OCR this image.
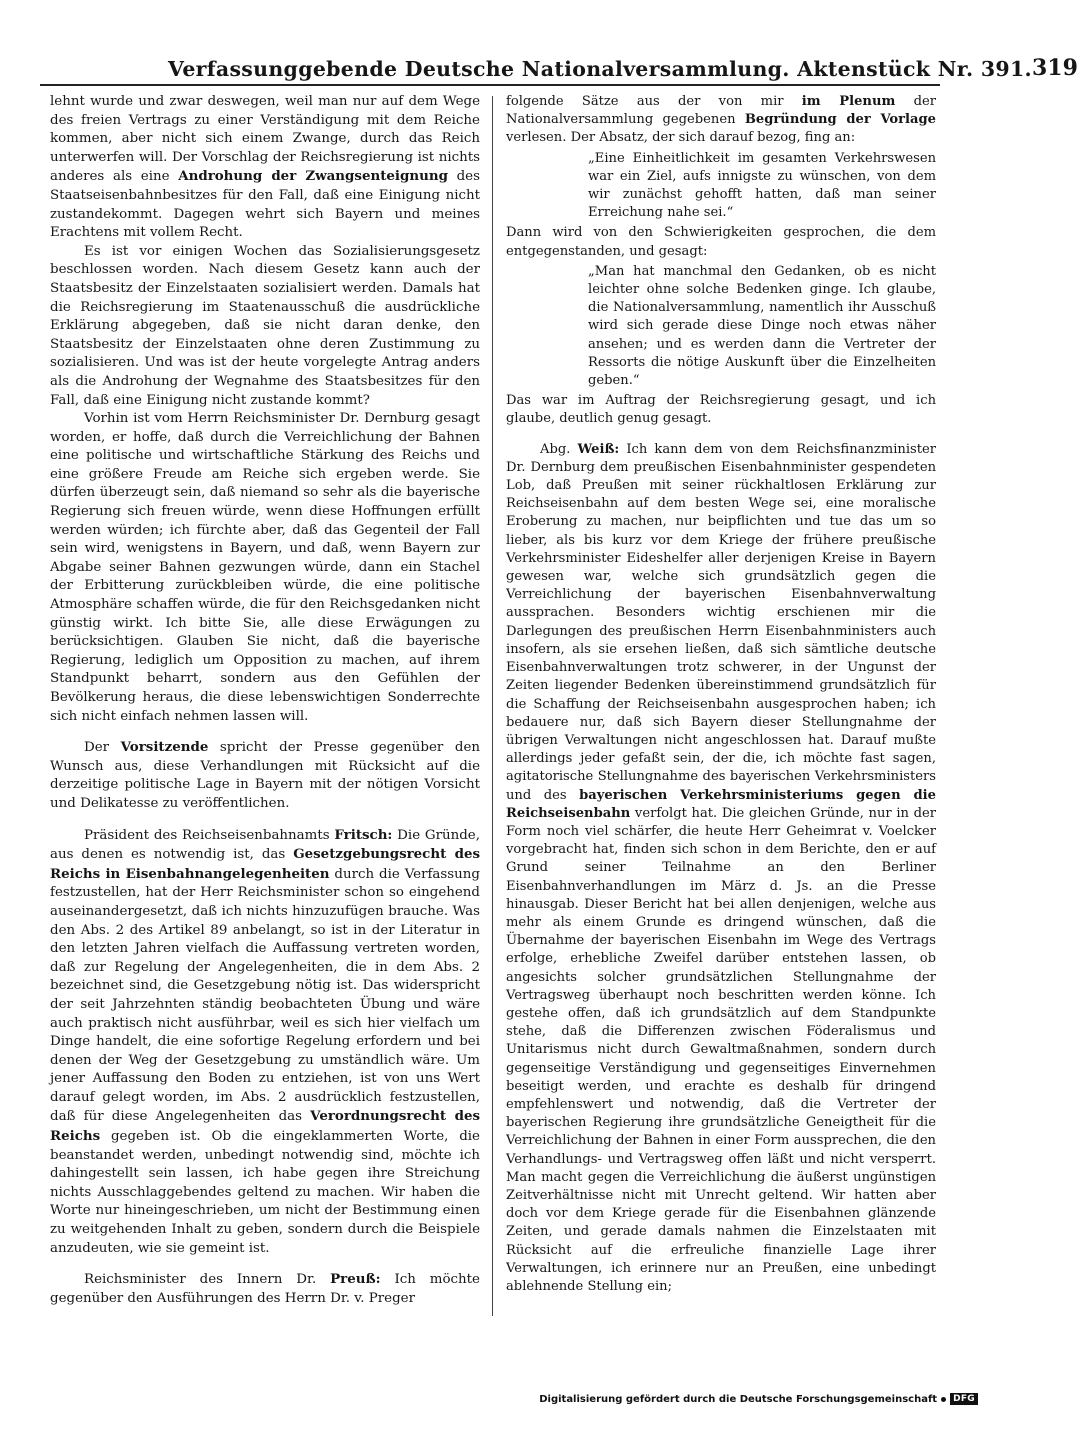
Verfassunggebende Deutsche Nationalversammlung. Aktenstück Nr. 391. 319

lehnt wurde und zwar deswegen, weil man nur auf dem Wege des freien Vertrags zu einer Verständigung mit dem Reiche kommen, aber nicht sich einem Zwange, durch das Reich unterwerfen will. Der Vorschlag der Reichsregierung ist nichts anderes als eine Androhung der Zwangsenteignung des Staatseisenbahnbesitzes für den Fall, daß eine Einigung nicht zustandekommt. Dagegen wehrt sich Bayern und meines Erachtens mit vollem Recht.

Es ist vor einigen Wochen das Sozialisierungsgesetz beschlossen worden. Nach diesem Gesetz kann auch der Staatsbesitz der Einzelstaaten sozialisiert werden. Damals hat die Reichsregierung im Staatenausschuß die ausdrückliche Erklärung abgegeben, daß sie nicht daran denke, den Staatsbesitz der Einzelstaaten ohne deren Zustimmung zu sozialisieren. Und was ist der heute vorgelegte Antrag anders als die Androhung der Wegnahme des Staatsbesitzes für den Fall, daß eine Einigung nicht zustande kommt?

Vorhin ist vom Herrn Reichsminister Dr. Dernburg gesagt worden, er hoffe, daß durch die Verreichlichung der Bahnen eine politische und wirtschaftliche Stärkung des Reichs und eine größere Freude am Reiche sich ergeben werde. Sie dürfen überzeugt sein, daß niemand so sehr als die bayerische Regierung sich freuen würde, wenn diese Hoffnungen erfüllt werden würden; ich fürchte aber, daß das Gegenteil der Fall sein wird, wenigstens in Bayern, und daß, wenn Bayern zur Abgabe seiner Bahnen gezwungen würde, dann ein Stachel der Erbitterung zurückbleiben würde, die eine politische Atmosphäre schaffen würde, die für den Reichsgedanken nicht günstig wirkt. Ich bitte Sie, alle diese Erwägungen zu berücksichtigen. Glauben Sie nicht, daß die bayerische Regierung, lediglich um Opposition zu machen, auf ihrem Standpunkt beharrt, sondern aus den Gefühlen der Bevölkerung heraus, die diese lebenswichtigen Sonderrechte sich nicht einfach nehmen lassen will.

Der Vorsitzende spricht der Presse gegenüber den Wunsch aus, diese Verhandlungen mit Rücksicht auf die derzeitige politische Lage in Bayern mit der nötigen Vorsicht und Delikatesse zu veröffentlichen.

Präsident des Reichseisenbahnamts Fritsch: Die Gründe, aus denen es notwendig ist, das Gesetzgebungsrecht des Reichs in Eisenbahnangelegenheiten durch die Verfassung festzustellen, hat der Herr Reichsminister schon so eingehend auseinandergesetzt, daß ich nichts hinzuzufügen brauche. Was den Abs. 2 des Artikel 89 anbelangt, so ist in der Literatur in den letzten Jahren vielfach die Auffassung vertreten worden, daß zur Regelung der Angelegenheiten, die in dem Abs. 2 bezeichnet sind, die Gesetzgebung nötig ist. Das widerspricht der seit Jahrzehnten ständig beobachteten Übung und wäre auch praktisch nicht ausführbar, weil es sich hier vielfach um Dinge handelt, die eine sofortige Regelung erfordern und bei denen der Weg der Gesetzgebung zu umständlich wäre. Um jener Auffassung den Boden zu entziehen, ist von uns Wert darauf gelegt worden, im Abs. 2 ausdrücklich festzustellen, daß für diese Angelegenheiten das Verordnungsrecht des Reichs gegeben ist. Ob die eingeklammerten Worte, die beanstandet werden, unbedingt notwendig sind, möchte ich dahingestellt sein lassen, ich habe gegen ihre Streichung nichts Ausschlaggebendes geltend zu machen. Wir haben die Worte nur hineingeschrieben, um nicht der Bestimmung einen zu weitgehenden Inhalt zu geben, sondern durch die Beispiele anzudeuten, wie sie gemeint ist.

Reichsminister des Innern Dr. Preuß: Ich möchte gegenüber den Ausführungen des Herrn Dr. v. Preger

folgende Sätze aus der von mir im Plenum der Nationalversammlung gegebenen Begründung der Vorlage verlesen. Der Absatz, der sich darauf bezog, fing an:

„Eine Einheitlichkeit im gesamten Verkehrswesen war ein Ziel, aufs innigste zu wünschen, von dem wir zunächst gehofft hatten, daß man seiner Erreichung nahe sei.“

Dann wird von den Schwierigkeiten gesprochen, die dem entgegenstanden, und gesagt:

„Man hat manchmal den Gedanken, ob es nicht leichter ohne solche Bedenken ginge. Ich glaube, die Nationalversammlung, namentlich ihr Ausschuß wird sich gerade diese Dinge noch etwas näher ansehen; und es werden dann die Vertreter der Ressorts die nötige Auskunft über die Einzelheiten geben.“

Das war im Auftrag der Reichsregierung gesagt, und ich glaube, deutlich genug gesagt.

Abg. Weiß: Ich kann dem von dem Reichsfinanzminister Dr. Dernburg dem preußischen Eisenbahnminister gespendeten Lob, daß Preußen mit seiner rückhaltlosen Erklärung zur Reichseisenbahn auf dem besten Wege sei, eine moralische Eroberung zu machen, nur beipflichten und tue das um so lieber, als bis kurz vor dem Kriege der frühere preußische Verkehrsminister Eideshelfer aller derjenigen Kreise in Bayern gewesen war, welche sich grundsätzlich gegen die Verreichlichung der bayerischen Eisenbahnverwaltung aussprachen. Besonders wichtig erschienen mir die Darlegungen des preußischen Herrn Eisenbahnministers auch insofern, als sie ersehen ließen, daß sich sämtliche deutsche Eisenbahnverwaltungen trotz schwerer, in der Ungunst der Zeiten liegender Bedenken übereinstimmend grundsätzlich für die Schaffung der Reichseisenbahn ausgesprochen haben; ich bedauere nur, daß sich Bayern dieser Stellungnahme der übrigen Verwaltungen nicht angeschlossen hat. Darauf mußte allerdings jeder gefaßt sein, der die, ich möchte fast sagen, agitatorische Stellungnahme des bayerischen Verkehrsministers und des bayerischen Verkehrsministeriums gegen die Reichseisenbahn verfolgt hat. Die gleichen Gründe, nur in der Form noch viel schärfer, die heute Herr Geheimrat v. Voelcker vorgebracht hat, finden sich schon in dem Berichte, den er auf Grund seiner Teilnahme an den Berliner Eisenbahnverhandlungen im März d. Js. an die Presse hinausgab. Dieser Bericht hat bei allen denjenigen, welche aus mehr als einem Grunde es dringend wünschen, daß die Übernahme der bayerischen Eisenbahn im Wege des Vertrags erfolge, erhebliche Zweifel darüber entstehen lassen, ob angesichts solcher grundsätzlichen Stellungnahme der Vertragsweg überhaupt noch beschritten werden könne. Ich gestehe offen, daß ich grundsätzlich auf dem Standpunkte stehe, daß die Differenzen zwischen Föderalismus und Unitarismus nicht durch Gewaltmaßnahmen, sondern durch gegenseitige Verständigung und gegenseitiges Einvernehmen beseitigt werden, und erachte es deshalb für dringend empfehlenswert und notwendig, daß die Vertreter der bayerischen Regierung ihre grundsätzliche Geneigtheit für die Verreichlichung der Bahnen in einer Form aussprechen, die den Verhandlungs- und Vertragsweg offen läßt und nicht versperrt. Man macht gegen die Verreichlichung die äußerst ungünstigen Zeitverhältnisse nicht mit Unrecht geltend. Wir hatten aber doch vor dem Kriege gerade für die Eisenbahnen glänzende Zeiten, und gerade damals nahmen die Einzelstaaten mit Rücksicht auf die erfreuliche finanzielle Lage ihrer Verwaltungen, ich erinnere nur an Preußen, eine unbedingt ablehnende Stellung ein;

Digitalisierung gefördert durch die Deutsche Forschungsgemeinschaft	DFG
